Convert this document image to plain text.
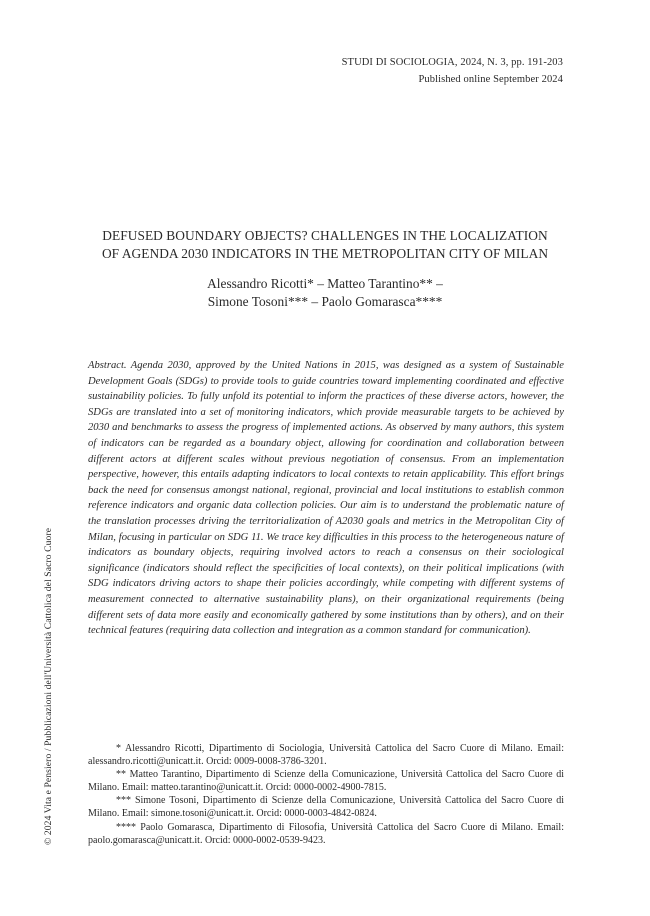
STUDI DI SOCIOLOGIA, 2024, N. 3, pp. 191-203
Published online September 2024
DEFUSED BOUNDARY OBJECTS? CHALLENGES IN THE LOCALIZATION
OF AGENDA 2030 INDICATORS IN THE METROPOLITAN CITY OF MILAN
Alessandro Ricotti* – Matteo Tarantino** –
Simone Tosoni*** – Paolo Gomarasca****
Abstract. Agenda 2030, approved by the United Nations in 2015, was designed as a system of Sustainable Development Goals (SDGs) to provide tools to guide countries toward implementing coordinated and effective sustainability policies. To fully unfold its potential to inform the practices of these diverse actors, however, the SDGs are translated into a set of monitoring indicators, which provide measurable targets to be achieved by 2030 and benchmarks to assess the progress of implemented actions. As observed by many authors, this system of indicators can be regarded as a boundary object, allowing for coordination and collaboration between different actors at different scales without previous negotiation of consensus. From an implementation perspective, however, this entails adapting indicators to local contexts to retain applicability. This effort brings back the need for consensus amongst national, regional, provincial and local institutions to establish common reference indicators and organic data collection policies. Our aim is to understand the problematic nature of the translation processes driving the territorialization of A2030 goals and metrics in the Metropolitan City of Milan, focusing in particular on SDG 11. We trace key difficulties in this process to the heterogeneous nature of indicators as boundary objects, requiring involved actors to reach a consensus on their sociological significance (indicators should reflect the specificities of local contexts), on their political implications (with SDG indicators driving actors to shape their policies accordingly, while competing with different systems of measurement connected to alternative sustainability plans), on their organizational requirements (being different sets of data more easily and economically gathered by some institutions than by others), and on their technical features (requiring data collection and integration as a common standard for communication).

* Alessandro Ricotti, Dipartimento di Sociologia, Università Cattolica del Sacro Cuore di Milano. Email: alessandro.ricotti@unicatt.it. Orcid: 0009-0008-3786-3201.

** Matteo Tarantino, Dipartimento di Scienze della Comunicazione, Università Cattolica del Sacro Cuore di Milano. Email: matteo.tarantino@unicatt.it. Orcid: 0000-0002-4900-7815.

*** Simone Tosoni, Dipartimento di Scienze della Comunicazione, Università Cattolica del Sacro Cuore di Milano. Email: simone.tosoni@unicatt.it. Orcid: 0000-0003-4842-0824.

**** Paolo Gomarasca, Dipartimento di Filosofia, Università Cattolica del Sacro Cuore di Milano. Email: paolo.gomarasca@unicatt.it. Orcid: 0000-0002-0539-9423.

© 2024 Vita e Pensiero / Pubblicazioni dell'Università Cattolica del Sacro Cuore
